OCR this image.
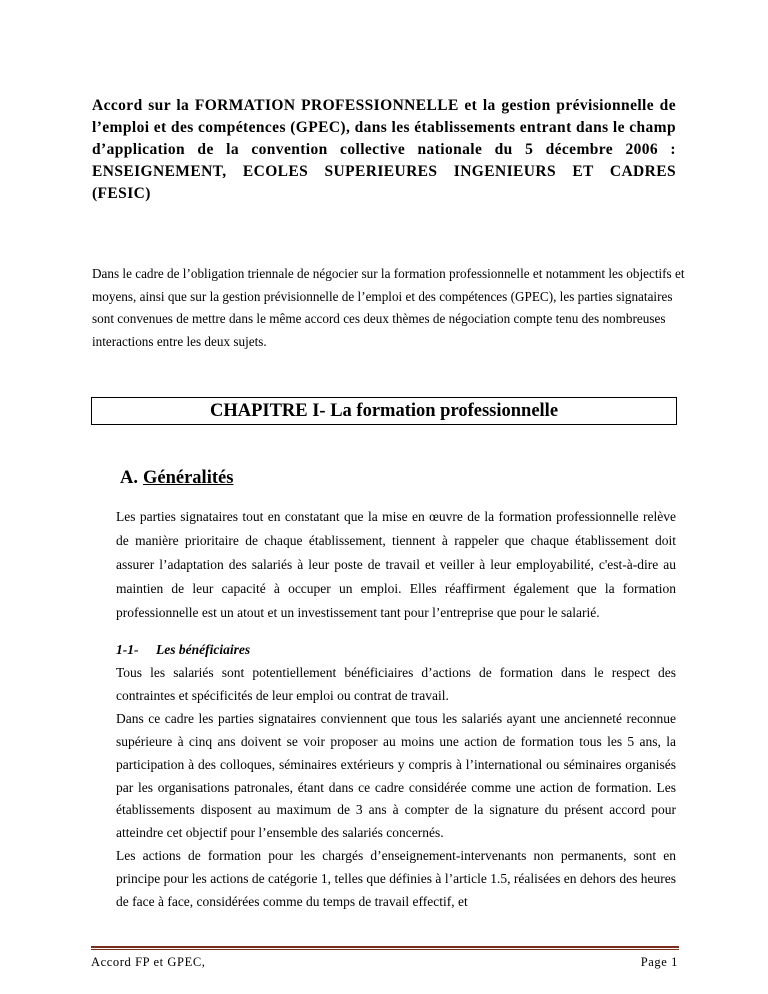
Accord sur la FORMATION PROFESSIONNELLE et la gestion prévisionnelle de l’emploi et des compétences (GPEC), dans les établissements entrant dans le champ d’application de la convention collective nationale du 5 décembre 2006 : ENSEIGNEMENT, ECOLES SUPERIEURES INGENIEURS ET CADRES (FESIC)

Dans le cadre de l’obligation triennale de négocier sur la formation professionnelle et notamment les objectifs et moyens, ainsi que sur la gestion prévisionnelle de l’emploi et des compétences (GPEC), les parties signataires sont convenues de mettre dans le même accord ces deux thèmes de négociation compte tenu des nombreuses interactions entre les deux sujets.

CHAPITRE I- La formation professionnelle
A. Généralités

Les parties signataires tout en constatant que la mise en œuvre de la formation professionnelle relève de manière prioritaire de chaque établissement, tiennent à rappeler que chaque établissement doit assurer l’adaptation des salariés à leur poste de travail et veiller à leur employabilité, c'est-à-dire au maintien de leur capacité à occuper un emploi. Elles réaffirment également que la formation professionnelle est un atout et un investissement tant pour l’entreprise que pour le salarié.

1-1- Les bénéficiaires

Tous les salariés sont potentiellement bénéficiaires d’actions de formation dans le respect des contraintes et spécificités de leur emploi ou contrat de travail.

Dans ce cadre les parties signataires conviennent que tous les salariés ayant une ancienneté reconnue supérieure à cinq ans doivent se voir proposer au moins une action de formation tous les 5 ans, la participation à des colloques, séminaires extérieurs y compris à l’international ou séminaires organisés par les organisations patronales, étant dans ce cadre considérée comme une action de formation. Les établissements disposent au maximum de 3 ans à compter de la signature du présent accord pour atteindre cet objectif pour l’ensemble des salariés concernés.

Les actions de formation pour les chargés d’enseignement-intervenants non permanents, sont en principe pour les actions de catégorie 1, telles que définies à l’article 1.5, réalisées en dehors des heures de face à face, considérées comme du temps de travail effectif, et

Accord FP et GPEC,	Page 1
